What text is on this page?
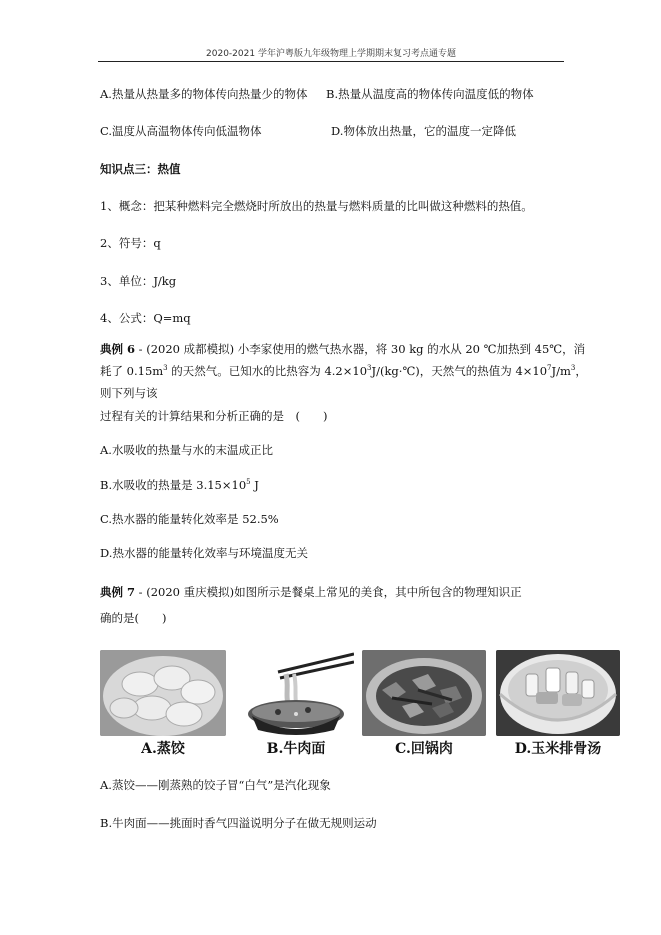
2020-2021 学年沪粤版九年级物理上学期期末复习考点通专题
A.热量从热量多的物体传向热量少的物体 B.热量从温度高的物体传向温度低的物体
C.温度从高温物体传向低温物体	D.物体放出热量，它的温度一定降低
知识点三：热值
1、概念：把某种燃料完全燃烧时所放出的热量与燃料质量的比叫做这种燃料的热值。
2、符号：q
3、单位：J/kg
4、公式：Q=mq
典例 6 - (2020 成都模拟) 小李家使用的燃气热水器，将 30 kg 的水从 20 ℃加热到 45℃，消
耗了 $0.15m^3$ 的天然气。已知水的比热容为 $4.2\times 10^3J/(kg\cdot℃)$，天然气的热值为 $4\times 10^7J/m^3$，
则下列与该
过程有关的计算结果和分析正确的是　(　　)
A.水吸收的热量与水的末温成正比
B.水吸收的热量是 $3.15\times 10^5$ J
C.热水器的能量转化效率是 52.5%
D.热水器的能量转化效率与环境温度无关
典例 7 - (2020 重庆模拟)如图所示是餐桌上常见的美食，其中所包含的物理知识正
确的是(　　)
A.蒸饺	B.牛肉面	C.回锅肉	D.玉米排骨汤
A.蒸饺——刚蒸熟的饺子冒“白气”是汽化现象
B.牛肉面——挑面时香气四溢说明分子在做无规则运动
